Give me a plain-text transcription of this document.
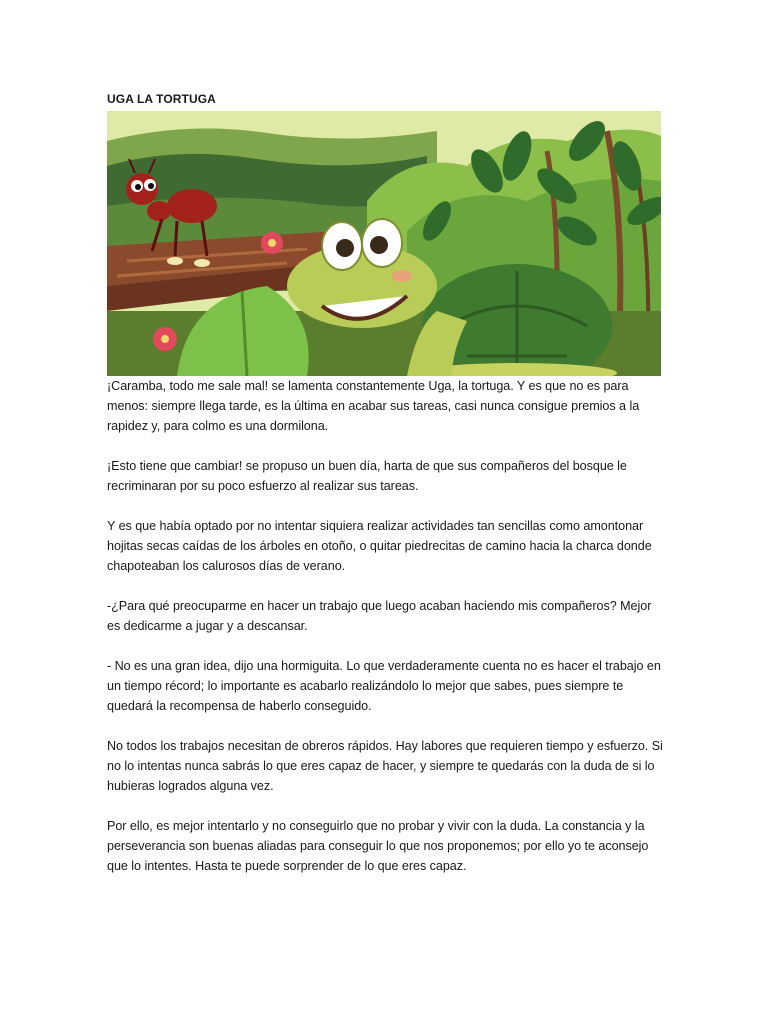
UGA LA TORTUGA

¡Caramba, todo me sale mal! se lamenta constantemente Uga, la tortuga. Y es que no es para menos: siempre llega tarde, es la última en acabar sus tareas, casi nunca consigue premios a la rapidez y, para colmo es una dormilona.

¡Esto tiene que cambiar! se propuso un buen día, harta de que sus compañeros del bosque le recriminaran por su poco esfuerzo al realizar sus tareas.

Y es que había optado por no intentar siquiera realizar actividades tan sencillas como amontonar hojitas secas caídas de los árboles en otoño, o quitar piedrecitas de camino hacia la charca donde chapoteaban los calurosos días de verano.

-¿Para qué preocuparme en hacer un trabajo que luego acaban haciendo mis compañeros? Mejor es dedicarme a jugar y a descansar.

- No es una gran idea, dijo una hormiguita. Lo que verdaderamente cuenta no es hacer el trabajo en un tiempo récord; lo importante es acabarlo realizándolo lo mejor que sabes, pues siempre te quedará la recompensa de haberlo conseguido.

No todos los trabajos necesitan de obreros rápidos. Hay labores que requieren tiempo y esfuerzo. Si no lo intentas nunca sabrás lo que eres capaz de hacer, y siempre te quedarás con la duda de si lo hubieras logrados alguna vez.

Por ello, es mejor intentarlo y no conseguirlo que no probar y vivir con la duda. La constancia y la perseverancia son buenas aliadas para conseguir lo que nos proponemos; por ello yo te aconsejo que lo intentes. Hasta te puede sorprender de lo que eres capaz.
